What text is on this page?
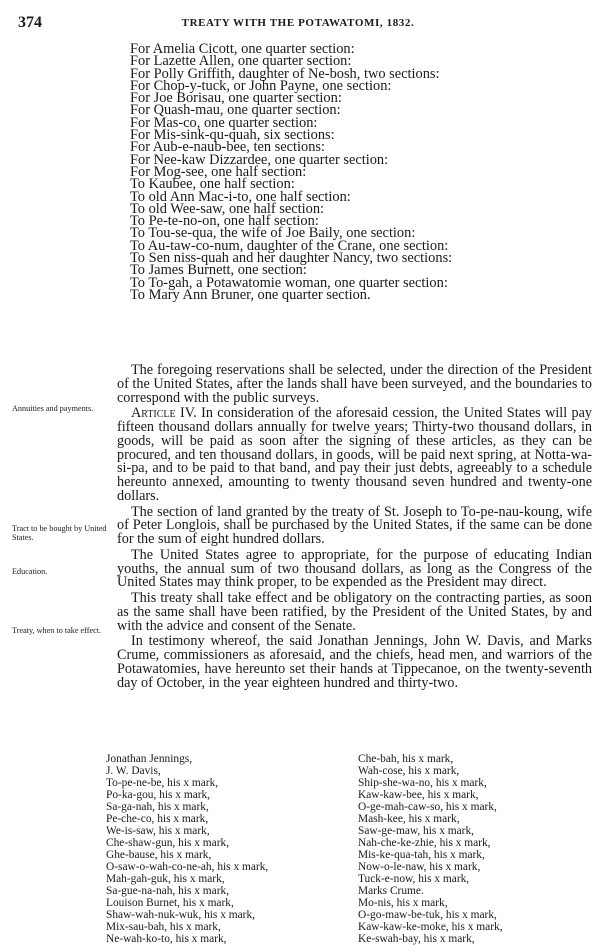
374	TREATY WITH THE POTAWATOMI, 1832.
For Amelia Cicott, one quarter section:
For Lazette Allen, one quarter section:
For Polly Griffith, daughter of Ne-bosh, two sections:
For Chop-y-tuck, or John Payne, one section:
For Joe Borisau, one quarter section:
For Quash-mau, one quarter section:
For Mas-co, one quarter section:
For Mis-sink-qu-quah, six sections:
For Aub-e-naub-bee, ten sections:
For Nee-kaw Dizzardee, one quarter section:
For Mog-see, one half section:
To Kaubee, one half section:
To old Ann Mac-i-to, one half section:
To old Wee-saw, one half section:
To Pe-te-no-on, one half section:
To Tou-se-qua, the wife of Joe Baily, one section:
To Au-taw-co-num, daughter of the Crane, one section:
To Sen niss-quah and her daughter Nancy, two sections:
To James Burnett, one section:
To To-gah, a Potawatomie woman, one quarter section:
To Mary Ann Bruner, one quarter section.

The foregoing reservations shall be selected, under the direction of the President of the United States, after the lands shall have been surveyed, and the boundaries to correspond with the public surveys.

Article IV. In consideration of the aforesaid cession, the United States will pay fifteen thousand dollars annually for twelve years; Thirty-two thousand dollars, in goods, will be paid as soon after the signing of these articles, as they can be procured, and ten thousand dollars, in goods, will be paid next spring, at Notta-wa-si-pa, and to be paid to that band, and pay their just debts, agreeably to a schedule hereunto annexed, amounting to twenty thousand seven hundred and twenty-one dollars.

The section of land granted by the treaty of St. Joseph to To-pe-nau-koung, wife of Peter Longlois, shall be purchased by the United States, if the same can be done for the sum of eight hundred dollars.

The United States agree to appropriate, for the purpose of educating Indian youths, the annual sum of two thousand dollars, as long as the Congress of the United States may think proper, to be expended as the President may direct.

This treaty shall take effect and be obligatory on the contracting parties, as soon as the same shall have been ratified, by the President of the United States, by and with the advice and consent of the Senate.

In testimony whereof, the said Jonathan Jennings, John W. Davis, and Marks Crume, commissioners as aforesaid, and the chiefs, head men, and warriors of the Potawatomies, have hereunto set their hands at Tippecanoe, on the twenty-seventh day of October, in the year eighteen hundred and thirty-two.

Annuities and payments.
Tract to be bought by United States.
Education.
Treaty, when to take effect.
Jonathan Jennings,
J. W. Davis,
To-pe-ne-be, his x mark,
Po-ka-gou, his x mark,
Sa-ga-nah, his x mark,
Pe-che-co, his x mark,
We-is-saw, his x mark,
Che-shaw-gun, his x mark,
Ghe-bause, his x mark,
O-saw-o-wah-co-ne-ah, his x mark,
Mah-gah-guk, his x mark,
Sa-gue-na-nah, his x mark,
Louison Burnet, his x mark,
Shaw-wah-nuk-wuk, his x mark,
Mix-sau-bah, his x mark,
Ne-wah-ko-to, his x mark,
Che-bah, his x mark,
Wah-cose, his x mark,
Ship-she-wa-no, his x mark,
Kaw-kaw-bee, his x mark,
O-ge-mah-caw-so, his x mark,
Mash-kee, his x mark,
Saw-ge-maw, his x mark,
Nah-che-ke-zhie, his x mark,
Mis-ke-qua-tah, his x mark,
Now-o-le-naw, his x mark,
Tuck-e-now, his x mark,
Marks Crume.
Mo-nis, his x mark,
O-go-maw-be-tuk, his x mark,
Kaw-kaw-ke-moke, his x mark,
Ke-swah-bay, his x mark,
